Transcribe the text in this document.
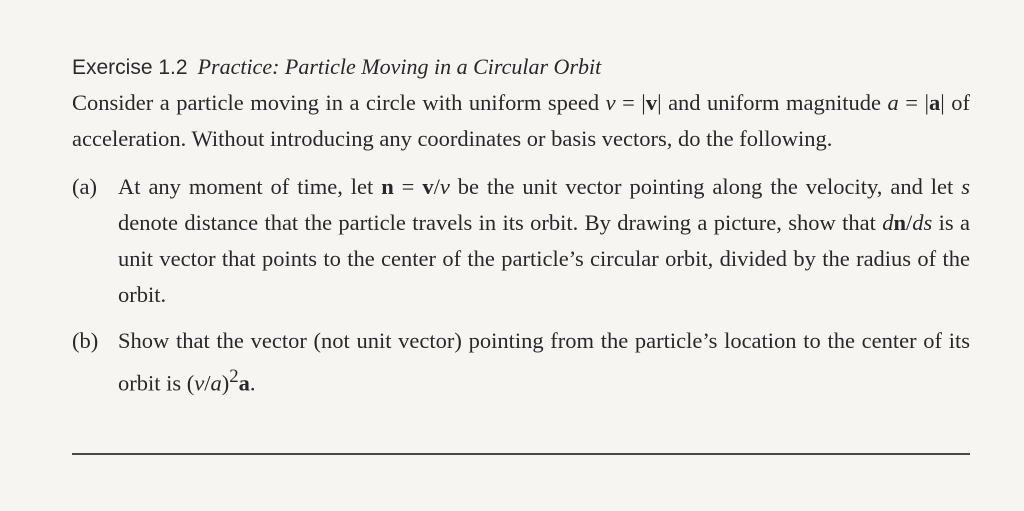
Exercise 1.2 Practice: Particle Moving in a Circular Orbit

Consider a particle moving in a circle with uniform speed v = |v| and uniform magnitude a = |a| of acceleration. Without introducing any coordinates or basis vectors, do the following.

(a) At any moment of time, let n = v/v be the unit vector pointing along the velocity, and let s denote distance that the particle travels in its orbit. By drawing a picture, show that dn/ds is a unit vector that points to the center of the particle’s circular orbit, divided by the radius of the orbit.
(b) Show that the vector (not unit vector) pointing from the particle’s location to the center of its orbit is $(v/a)^2a$.
